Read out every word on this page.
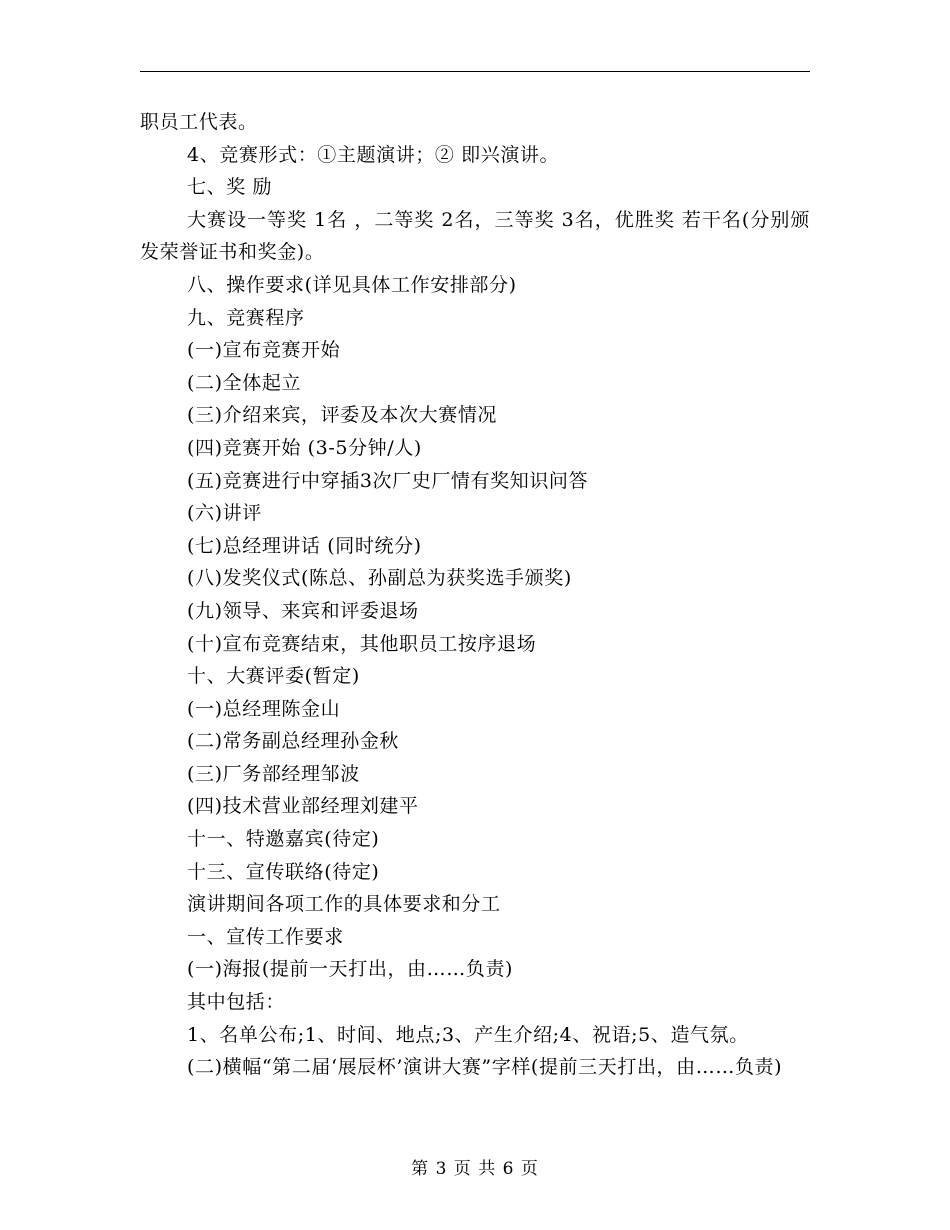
职员工代表。
4、竞赛形式：①主题演讲；② 即兴演讲。
七、奖 励
大赛设一等奖 1名 ，二等奖 2名，三等奖 3名，优胜奖 若干名(分别颁发荣誉证书和奖金)。
八、操作要求(详见具体工作安排部分)
九、竞赛程序
(一)宣布竞赛开始
(二)全体起立
(三)介绍来宾，评委及本次大赛情况
(四)竞赛开始 (3-5分钟/人)
(五)竞赛进行中穿插3次厂史厂情有奖知识问答
(六)讲评
(七)总经理讲话 (同时统分)
(八)发奖仪式(陈总、孙副总为获奖选手颁奖)
(九)领导、来宾和评委退场
(十)宣布竞赛结束，其他职员工按序退场
十、大赛评委(暂定)
(一)总经理陈金山
(二)常务副总经理孙金秋
(三)厂务部经理邹波
(四)技术营业部经理刘建平
十一、特邀嘉宾(待定)
十三、宣传联络(待定)
演讲期间各项工作的具体要求和分工
一、宣传工作要求
(一)海报(提前一天打出，由……负责)
其中包括：
1、名单公布;1、时间、地点;3、产生介绍;4、祝语;5、造气氛。
(二)横幅“第二届‘展辰杯’演讲大赛”字样(提前三天打出，由……负责)
第 3 页 共 6 页
